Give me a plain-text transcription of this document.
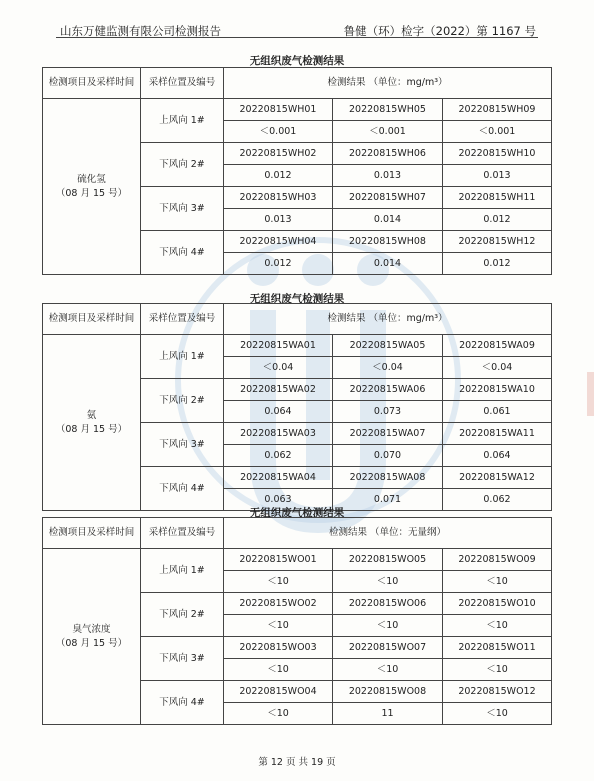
山东万健监测有限公司检测报告	鲁健（环）检字（2022）第 1167 号
无组织废气检测结果
检测项目及采样时间	采样位置及编号	检测结果 （单位：mg/m³）		
硫化氢
（08 月 15 号）	上风向 1#	20220815WH01	20220815WH05	20220815WH09
		＜0.001	＜0.001	＜0.001
	下风向 2#	20220815WH02	20220815WH06	20220815WH10
		0.012	0.013	0.013
	下风向 3#	20220815WH03	20220815WH07	20220815WH11
		0.013	0.014	0.012
	下风向 4#	20220815WH04	20220815WH08	20220815WH12
		0.012	0.014	0.012
无组织废气检测结果
检测项目及采样时间	采样位置及编号	检测结果 （单位：mg/m³）		
氨
（08 月 15 号）	上风向 1#	20220815WA01	20220815WA05	20220815WA09
		＜0.04	＜0.04	＜0.04
	下风向 2#	20220815WA02	20220815WA06	20220815WA10
		0.064	0.073	0.061
	下风向 3#	20220815WA03	20220815WA07	20220815WA11
		0.062	0.070	0.064
	下风向 4#	20220815WA04	20220815WA08	20220815WA12
		0.063	0.071	0.062
无组织废气检测结果
检测项目及采样时间	采样位置及编号	检测结果 （单位：无量纲）		
臭气浓度
（08 月 15 号）	上风向 1#	20220815WO01	20220815WO05	20220815WO09
		＜10	＜10	＜10
	下风向 2#	20220815WO02	20220815WO06	20220815WO10
		＜10	＜10	＜10
	下风向 3#	20220815WO03	20220815WO07	20220815WO11
		＜10	＜10	＜10
	下风向 4#	20220815WO04	20220815WO08	20220815WO12
		＜10	11	＜10
第 12 页 共 19 页
